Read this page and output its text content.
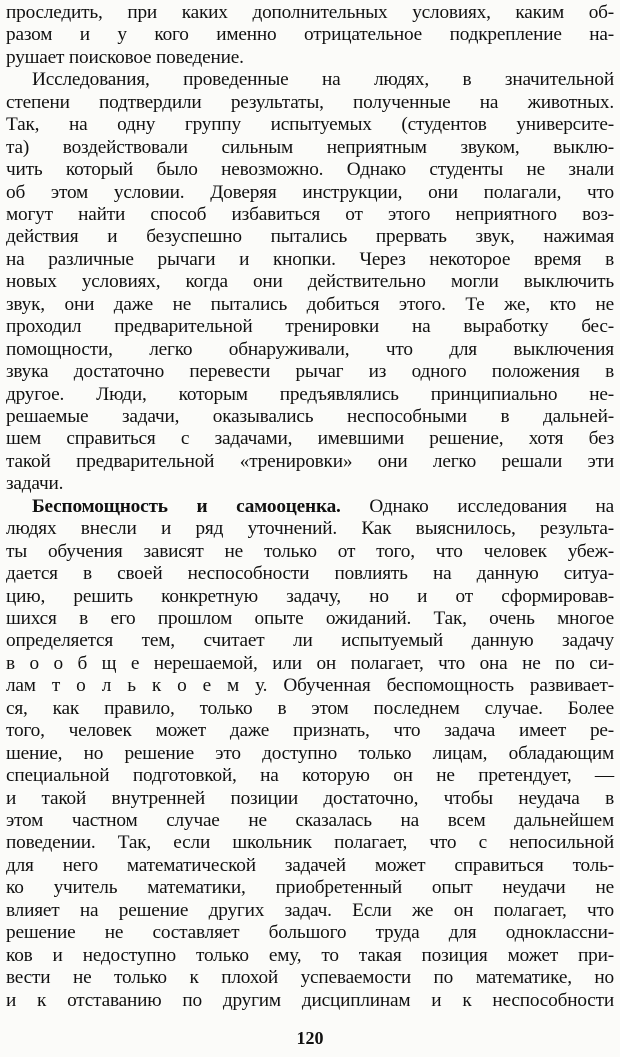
проследить, при каких дополнительных условиях, каким об-
разом и у кого именно отрицательное подкрепление на-
рушает поисковое поведение.
Исследования, проведенные на людях, в значительной
степени подтвердили результаты, полученные на животных.
Так, на одну группу испытуемых (студентов университе-
та) воздействовали сильным неприятным звуком, выклю-
чить который было невозможно. Однако студенты не знали
об этом условии. Доверяя инструкции, они полагали, что
могут найти способ избавиться от этого неприятного воз-
действия и безуспешно пытались прервать звук, нажимая
на различные рычаги и кнопки. Через некоторое время в
новых условиях, когда они действительно могли выключить
звук, они даже не пытались добиться этого. Те же, кто не
проходил предварительной тренировки на выработку бес-
помощности, легко обнаруживали, что для выключения
звука достаточно перевести рычаг из одного положения в
другое. Люди, которым предъявлялись принципиально не-
решаемые задачи, оказывались неспособными в дальней-
шем справиться с задачами, имевшими решение, хотя без
такой предварительной «тренировки» они легко решали эти
задачи.
Беспомощность и самооценка. Однако исследования на
людях внесли и ряд уточнений. Как выяснилось, результа-
ты обучения зависят не только от того, что человек убеж-
дается в своей неспособности повлиять на данную ситуа-
цию, решить конкретную задачу, но и от сформировав-
шихся в его прошлом опыте ожиданий. Так, очень многое
определяется тем, считает ли испытуемый данную задачу
в о о б щ е нерешаемой, или он полагает, что она не по си-
лам т о л ь к о е м у. Обученная беспомощность развивает-
ся, как правило, только в этом последнем случае. Более
того, человек может даже признать, что задача имеет ре-
шение, но решение это доступно только лицам, обладающим
специальной подготовкой, на которую он не претендует, —
и такой внутренней позиции достаточно, чтобы неудача в
этом частном случае не сказалась на всем дальнейшем
поведении. Так, если школьник полагает, что с непосильной
120
для него математической задачей может справиться толь-
ко учитель математики, приобретенный опыт неудачи не
влияет на решение других задач. Если же он полагает, что
решение не составляет большого труда для одноклассни-
ков и недоступно только ему, то такая позиция может при-
вести не только к плохой успеваемости по математике, но
и к отставанию по другим дисциплинам и к неспособности
